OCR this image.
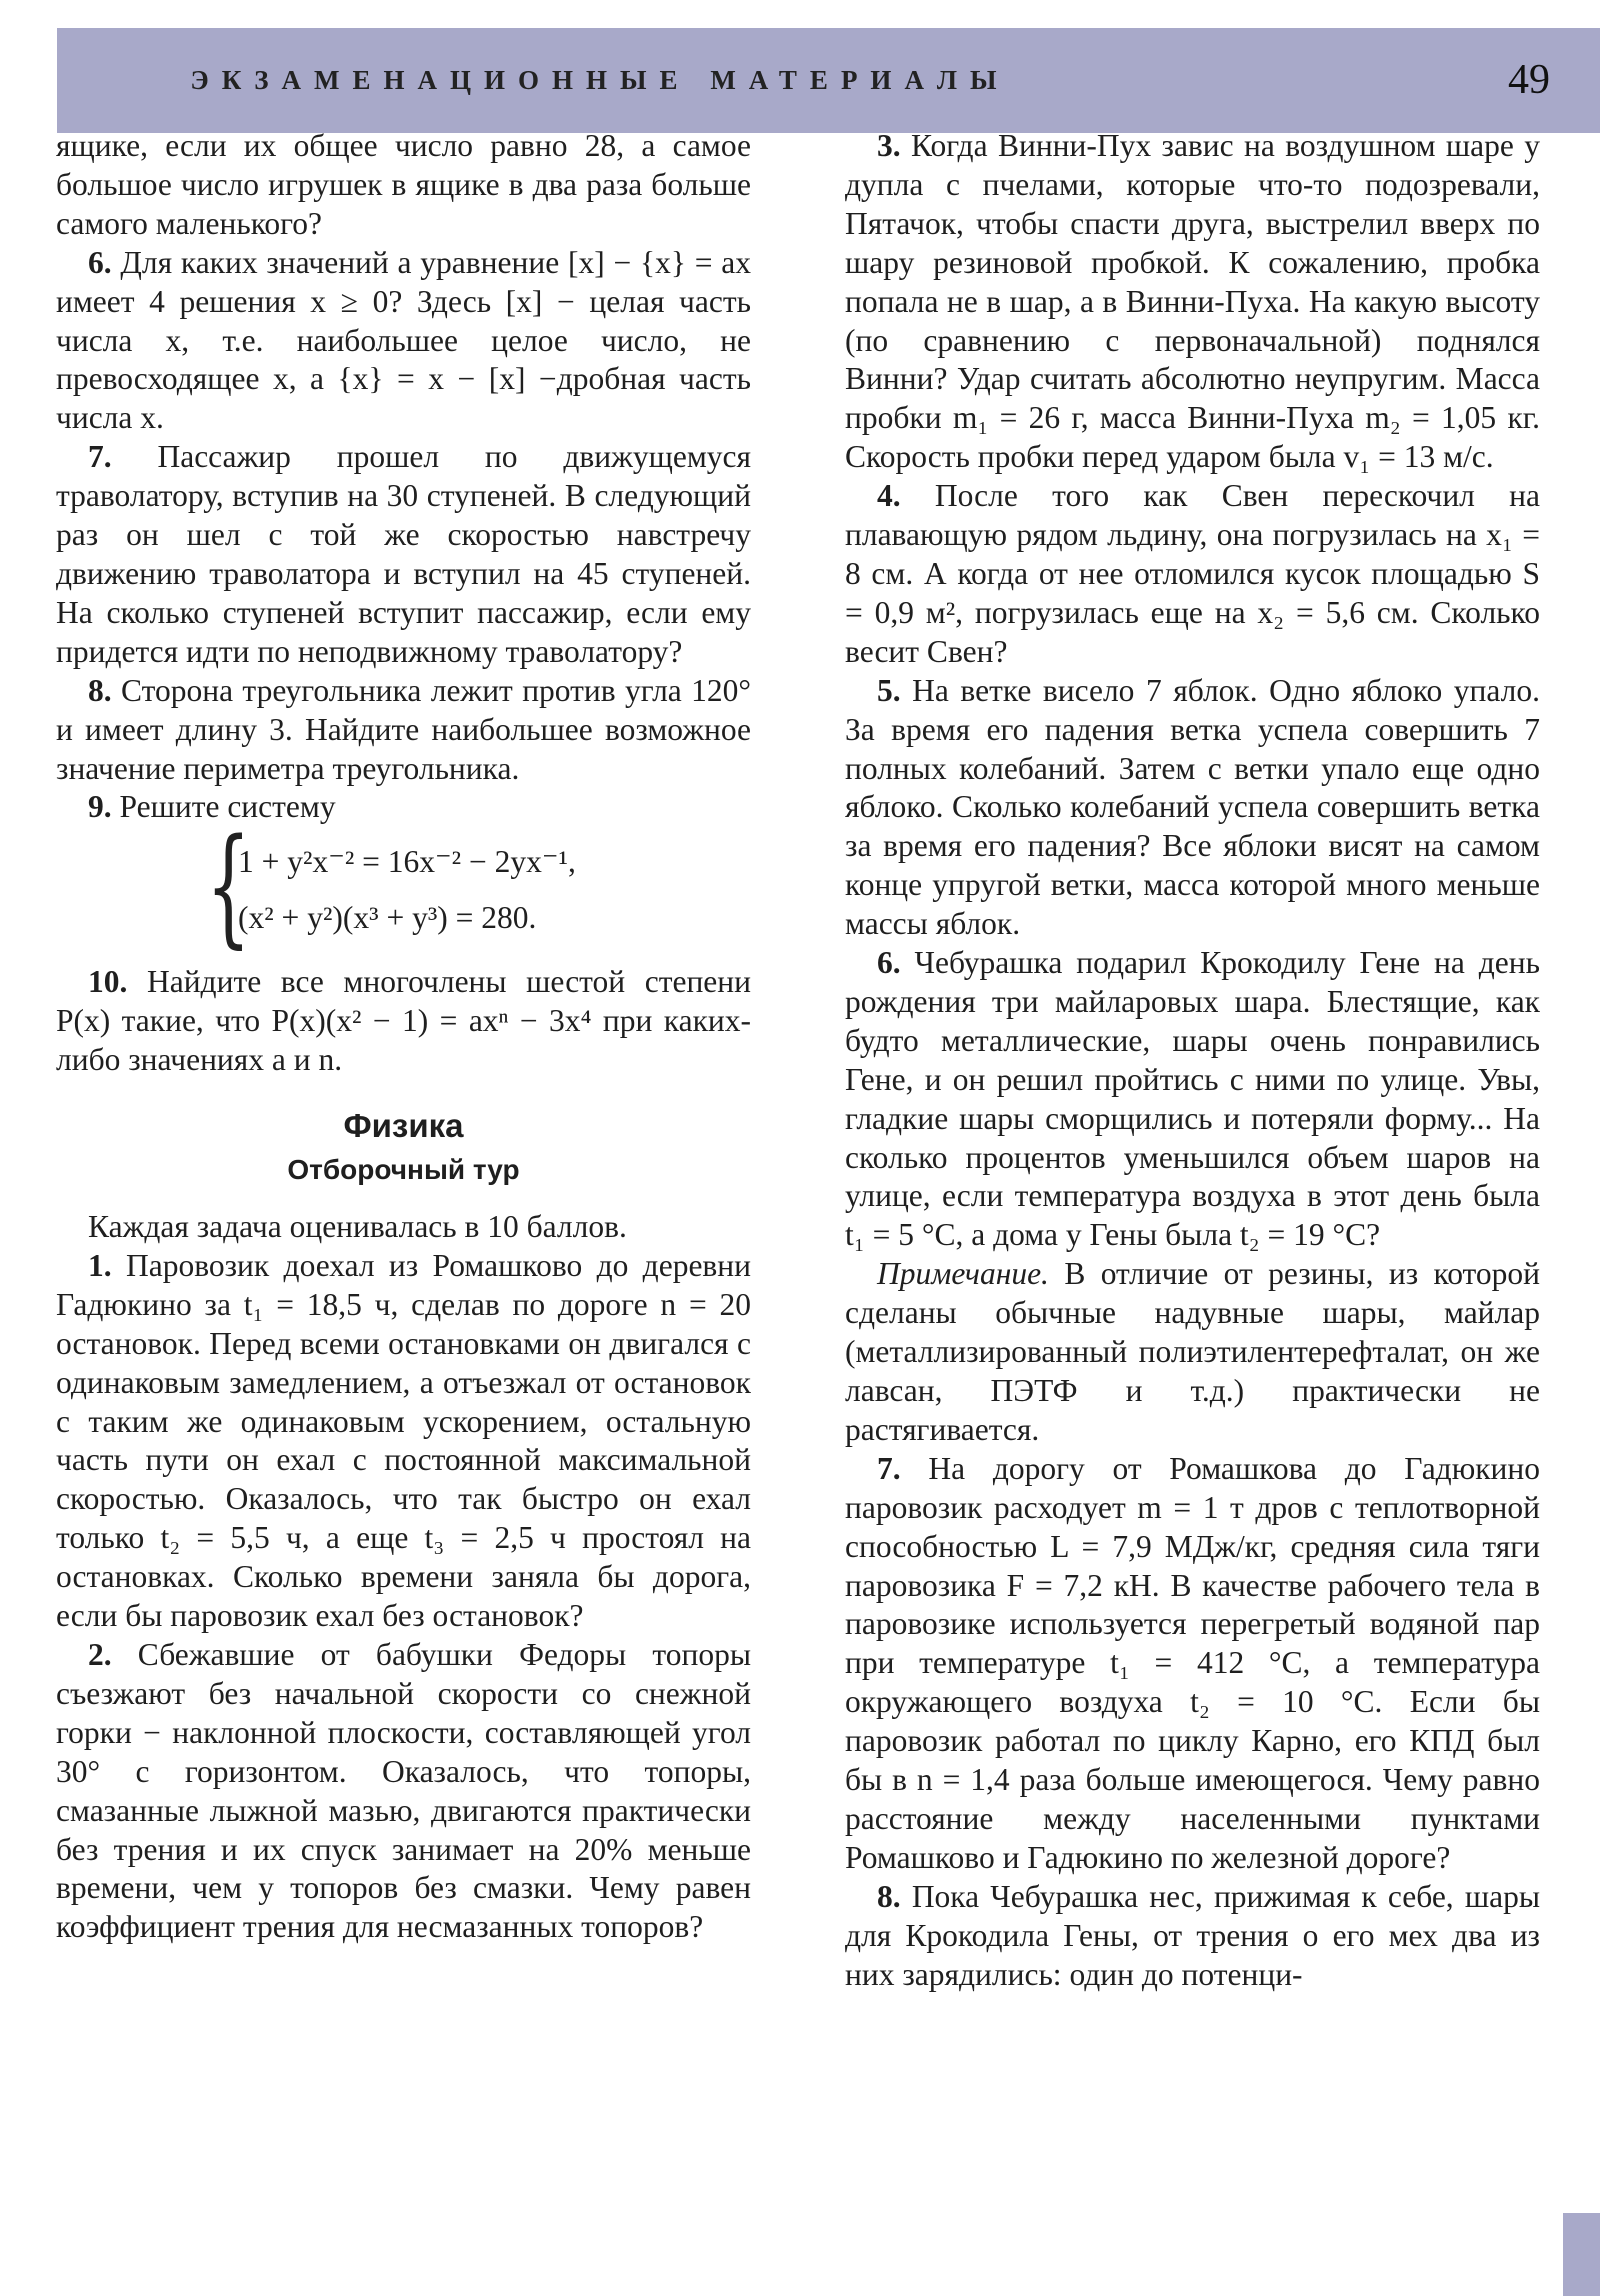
ЭКЗАМЕНАЦИОННЫЕ МАТЕРИАЛЫ	49

ящике, если их общее число равно 28, а самое большое число игрушек в ящике в два раза больше самого маленького?

6. Для каких значений a уравнение [x] − {x} = ax имеет 4 решения x ≥ 0? Здесь [x] − целая часть числа x, т.е. наибольшее целое число, не превосходящее x, а {x} = x − [x] −дробная часть числа x.

7. Пассажир прошел по движущемуся траволатору, вступив на 30 ступеней. В следующий раз он шел с той же скоростью навстречу движению траволатора и вступил на 45 ступеней. На сколько ступеней вступит пассажир, если ему придется идти по неподвижному траволатору?

8. Сторона треугольника лежит против угла 120° и имеет длину 3. Найдите наибольшее возможное значение периметра треугольника.

9. Решите систему

{
1 + y²x⁻² = 16x⁻² − 2yx⁻¹,
(x² + y²)(x³ + y³) = 280.

10. Найдите все многочлены шестой степени P(x) такие, что P(x)(x² − 1) = axⁿ − 3x⁴ при каких-либо значениях a и n.

Физика
Отборочный тур

Каждая задача оценивалась в 10 баллов.

1. Паровозик доехал из Ромашково до деревни Гадюкино за t₁ = 18,5 ч, сделав по дороге n = 20 остановок. Перед всеми остановками он двигался с одинаковым замедлением, а отъезжал от остановок с таким же одинаковым ускорением, остальную часть пути он ехал с постоянной максимальной скоростью. Оказалось, что так быстро он ехал только t₂ = 5,5 ч, а еще t₃ = 2,5 ч простоял на остановках. Сколько времени заняла бы дорога, если бы паровозик ехал без остановок?

2. Сбежавшие от бабушки Федоры топоры съезжают без начальной скорости со снежной горки − наклонной плоскости, составляющей угол 30° с горизонтом. Оказалось, что топоры, смазанные лыжной мазью, двигаются практически без трения и их спуск занимает на 20% меньше времени, чем у топоров без смазки. Чему равен коэффициент трения для несмазанных топоров?

3. Когда Винни-Пух завис на воздушном шаре у дупла с пчелами, которые что-то подозревали, Пятачок, чтобы спасти друга, выстрелил вверх по шару резиновой пробкой. К сожалению, пробка попала не в шар, а в Винни-Пуха. На какую высоту (по сравнению с первоначальной) поднялся Винни? Удар считать абсолютно неупругим. Масса пробки m₁ = 26 г, масса Винни-Пуха m₂ = 1,05 кг. Скорость пробки перед ударом была v₁ = 13 м/с.

4. После того как Свен перескочил на плавающую рядом льдину, она погрузилась на x₁ = 8 см. А когда от нее отломился кусок площадью S = 0,9 м², погрузилась еще на x₂ = 5,6 см. Сколько весит Свен?

5. На ветке висело 7 яблок. Одно яблоко упало. За время его падения ветка успела совершить 7 полных колебаний. Затем с ветки упало еще одно яблоко. Сколько колебаний успела совершить ветка за время его падения? Все яблоки висят на самом конце упругой ветки, масса которой много меньше массы яблок.

6. Чебурашка подарил Крокодилу Гене на день рождения три майларовых шара. Блестящие, как будто металлические, шары очень понравились Гене, и он решил пройтись с ними по улице. Увы, гладкие шары сморщились и потеряли форму... На сколько процентов уменьшился объем шаров на улице, если температура воздуха в этот день была t₁ = 5 °C, а дома у Гены была t₂ = 19 °C?

Примечание. В отличие от резины, из которой сделаны обычные надувные шары, майлар (металлизированный полиэтилентерефталат, он же лавсан, ПЭТФ и т.д.) практически не растягивается.

7. На дорогу от Ромашкова до Гадюкино паровозик расходует m = 1 т дров с теплотворной способностью L = 7,9 МДж/кг, средняя сила тяги паровозика F = 7,2 кН. В качестве рабочего тела в паровозике используется перегретый водяной пар при температуре t₁ = 412 °C, а температура окружающего воздуха t₂ = 10 °C. Если бы паровозик работал по циклу Карно, его КПД был бы в n = 1,4 раза больше имеющегося. Чему равно расстояние между населенными пунктами Ромашково и Гадюкино по железной дороге?

8. Пока Чебурашка нес, прижимая к себе, шары для Крокодила Гены, от трения о его мех два из них зарядились: один до потенци-
